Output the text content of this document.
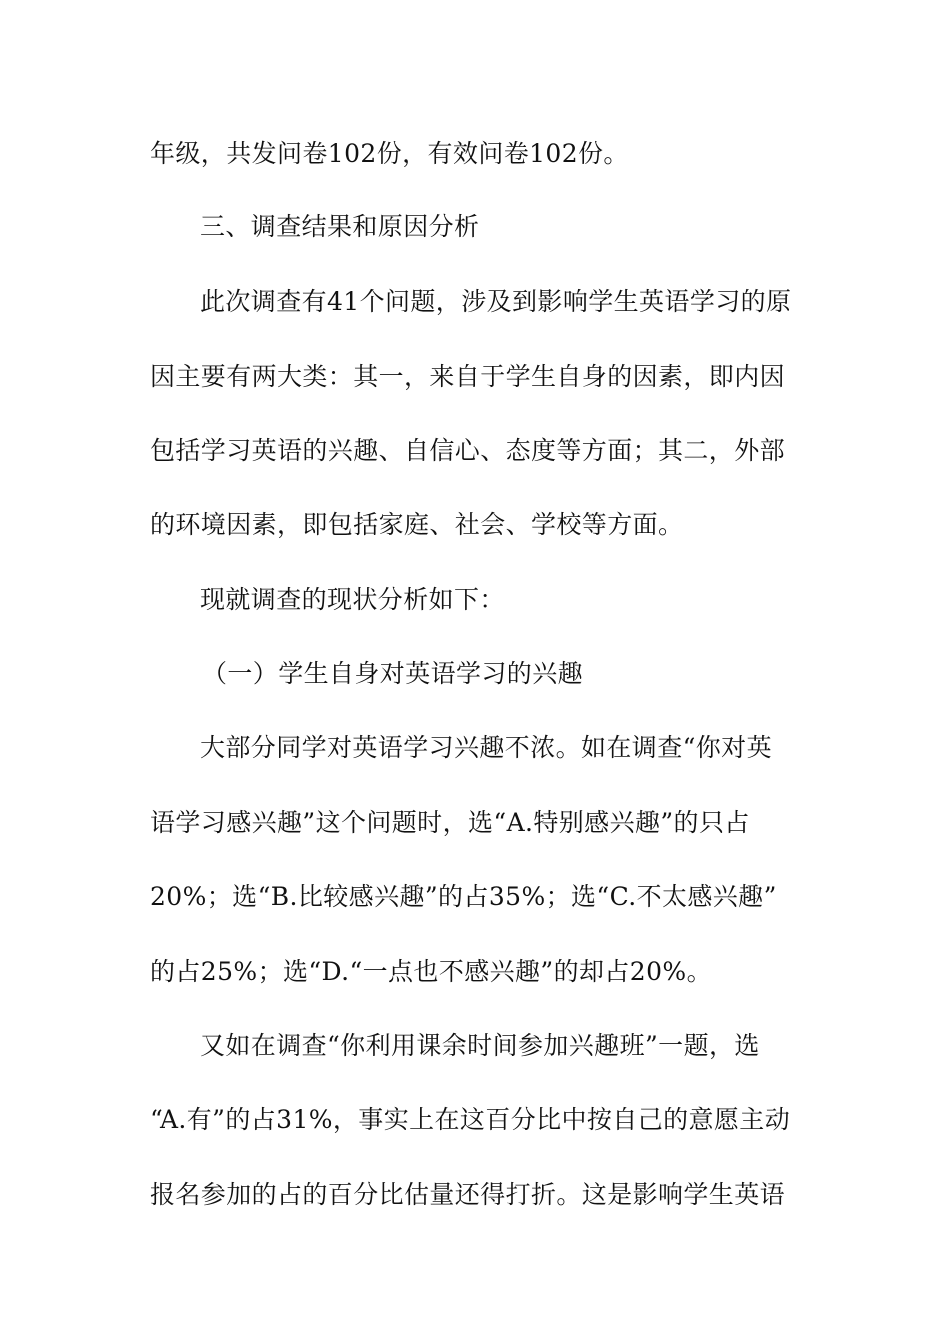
年级，共发问卷102份，有效问卷102份。
三、调查结果和原因分析
此次调查有41个问题，涉及到影响学生英语学习的原
因主要有两大类：其一，来自于学生自身的因素，即内因
包括学习英语的兴趣、自信心、态度等方面；其二，外部
的环境因素，即包括家庭、社会、学校等方面。
现就调查的现状分析如下：
（一）学生自身对英语学习的兴趣
大部分同学对英语学习兴趣不浓。如在调查“你对英
语学习感兴趣”这个问题时，选“A.特别感兴趣”的只占
20%；选“B.比较感兴趣”的占35%；选“C.不太感兴趣”
的占25%；选“D.“一点也不感兴趣”的却占20%。
又如在调查“你利用课余时间参加兴趣班”一题，选
“A.有”的占31%，事实上在这百分比中按自己的意愿主动
报名参加的占的百分比估量还得打折。这是影响学生英语
